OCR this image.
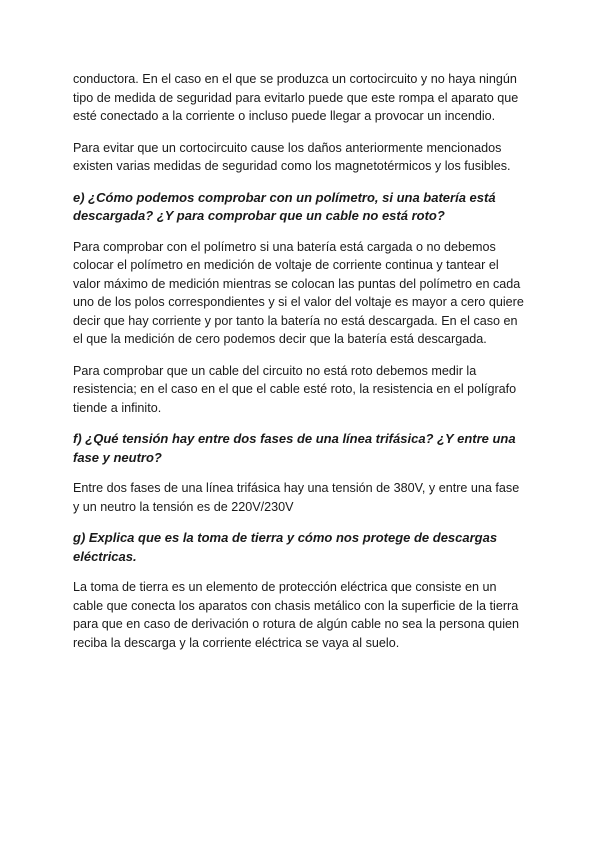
conductora. En el caso en el que se produzca un cortocircuito y no haya ningún tipo de medida de seguridad para evitarlo puede que este rompa el aparato que esté conectado a la corriente o incluso puede llegar a provocar un incendio.

Para evitar que un cortocircuito cause los daños anteriormente mencionados existen varias medidas de seguridad como los magnetotérmicos y los fusibles.

e) ¿Cómo podemos comprobar con un polímetro, si una batería está descargada? ¿Y para comprobar que un cable no está roto?

Para comprobar con el polímetro si una batería está cargada o no debemos colocar el polímetro en medición de voltaje de corriente continua y tantear el valor máximo de medición mientras se colocan las puntas del polímetro en cada uno de los polos correspondientes y si el valor del voltaje es mayor a cero quiere decir que hay corriente y por tanto la batería no está descargada. En el caso en el que la medición de cero podemos decir que la batería está descargada.

Para comprobar que un cable del circuito no está roto debemos medir la resistencia; en el caso en el que el cable esté roto, la resistencia en el polígrafo tiende a infinito.

f) ¿Qué tensión hay entre dos fases de una línea trifásica? ¿Y entre una fase y neutro?

Entre dos fases de una línea trifásica hay una tensión de 380V, y entre una fase y un neutro la tensión es de 220V/230V

g) Explica que es la toma de tierra y cómo nos protege de descargas eléctricas.

La toma de tierra es un elemento de protección eléctrica que consiste en un cable que conecta los aparatos con chasis metálico con la superficie de la tierra para que en caso de derivación o rotura de algún cable no sea la persona quien reciba la descarga y la corriente eléctrica se vaya al suelo.
